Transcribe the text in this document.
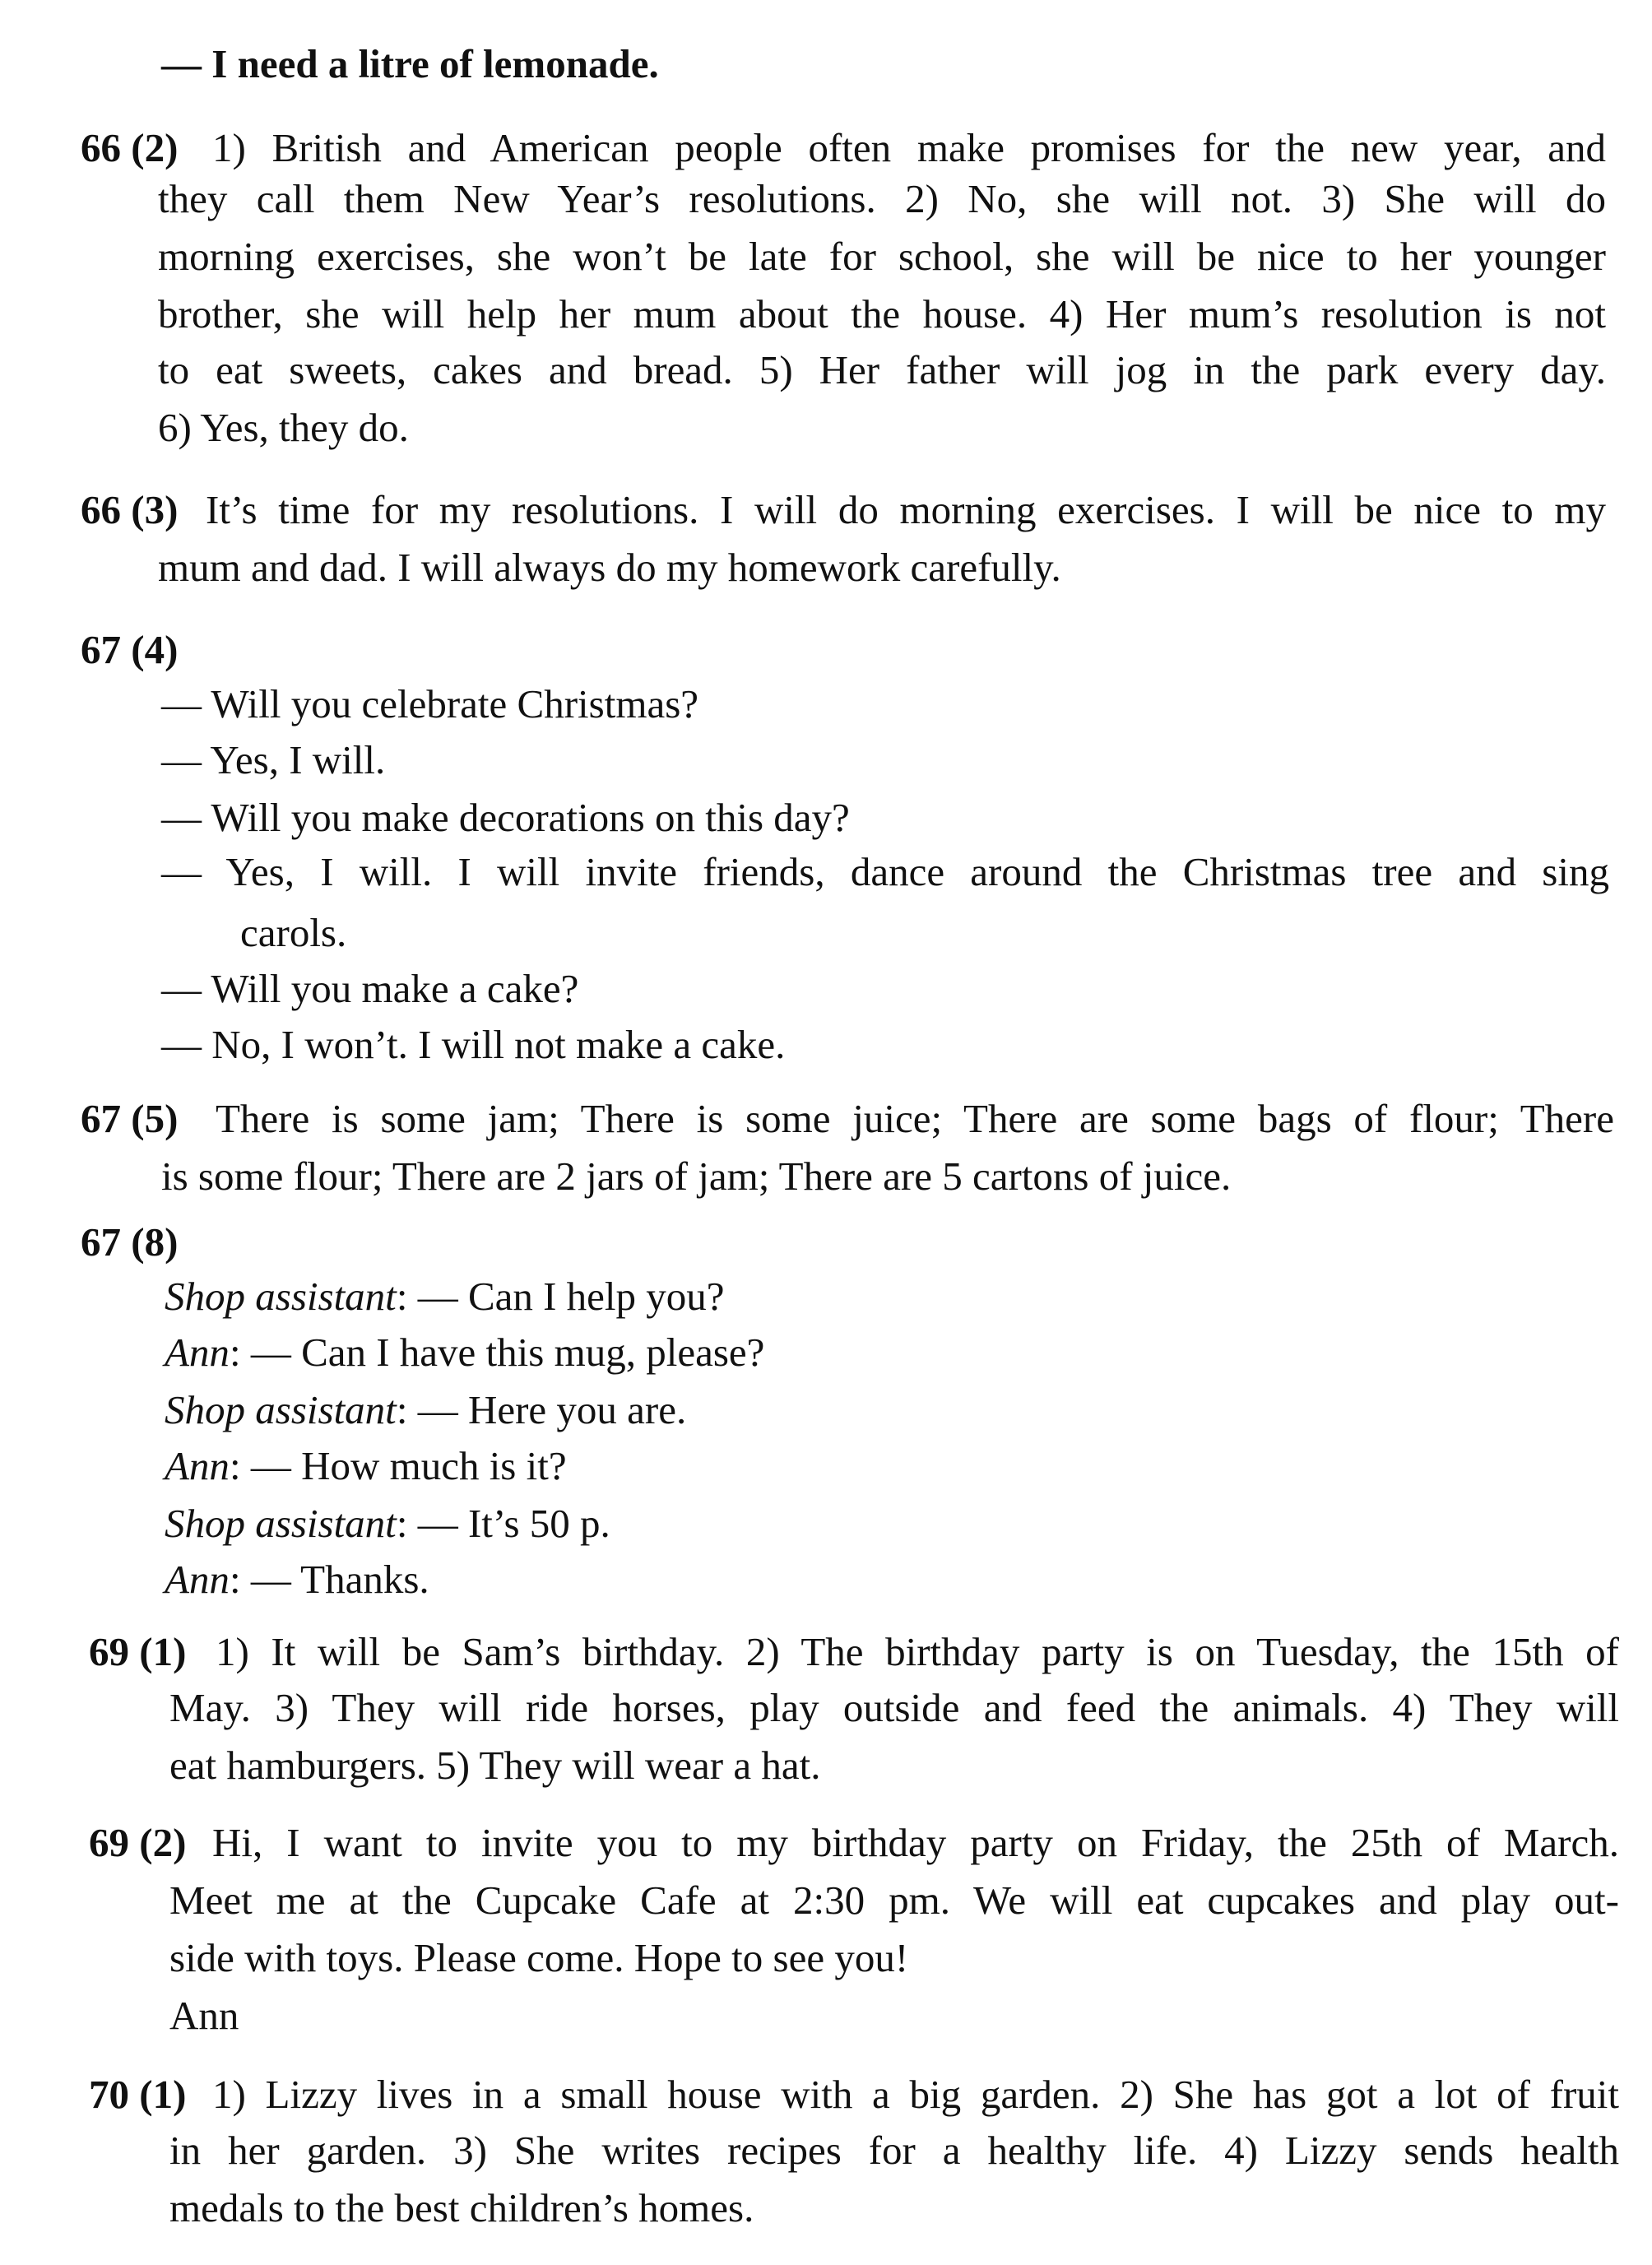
— I need a litre of lemonade.
66 (2) 1) British and American people often make promises for the new year, and
they call them New Year’s resolutions. 2) No, she will not. 3) She will do
morning exercises, she won’t be late for school, she will be nice to her younger
brother, she will help her mum about the house. 4) Her mum’s resolution is not
to eat sweets, cakes and bread. 5) Her father will jog in the park every day.
6) Yes, they do.
66 (3) It’s time for my resolutions. I will do morning exercises. I will be nice to my
mum and dad. I will always do my homework carefully.
67 (4)
— Will you celebrate Christmas?
— Yes, I will.
— Will you make decorations on this day?
— Yes, I will. I will invite friends, dance around the Christmas tree and sing
carols.
— Will you make a cake?
— No, I won’t. I will not make a cake.
67 (5) There is some jam; There is some juice; There are some bags of flour; There
is some flour; There are 2 jars of jam; There are 5 cartons of juice.
67 (8)
Shop assistant: — Can I help you?
Ann: — Can I have this mug, please?
Shop assistant: — Here you are.
Ann: — How much is it?
Shop assistant: — It’s 50 p.
Ann: — Thanks.
69 (1) 1) It will be Sam’s birthday. 2) The birthday party is on Tuesday, the 15th of
May. 3) They will ride horses, play outside and feed the animals. 4) They will
eat hamburgers. 5) They will wear a hat.
69 (2) Hi, I want to invite you to my birthday party on Friday, the 25th of March.
Meet me at the Cupcake Cafe at 2:30 pm. We will eat cupcakes and play out-
side with toys. Please come. Hope to see you!
Ann
70 (1) 1) Lizzy lives in a small house with a big garden. 2) She has got a lot of fruit
in her garden. 3) She writes recipes for a healthy life. 4) Lizzy sends health
medals to the best children’s homes.
